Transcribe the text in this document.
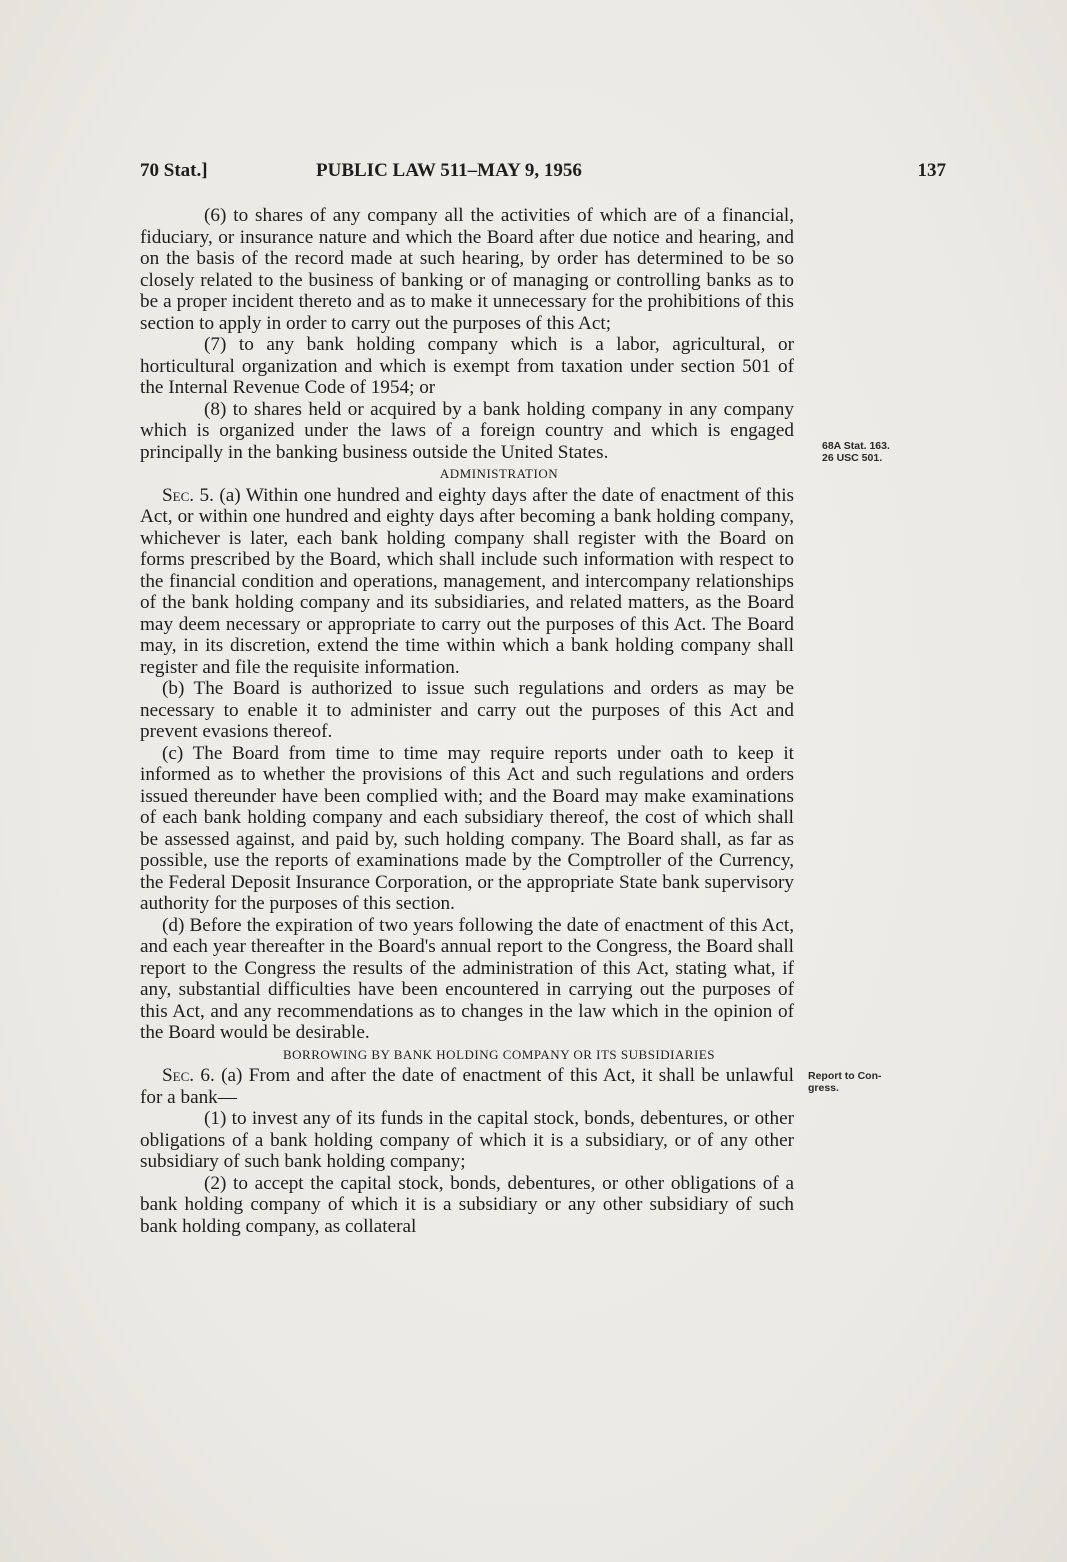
70 Stat.]	PUBLIC LAW 511–MAY 9, 1956	137

(6) to shares of any company all the activities of which are of a financial, fiduciary, or insurance nature and which the Board after due notice and hearing, and on the basis of the record made at such hearing, by order has determined to be so closely related to the business of banking or of managing or controlling banks as to be a proper incident thereto and as to make it unnecessary for the prohibitions of this section to apply in order to carry out the purposes of this Act;

(7) to any bank holding company which is a labor, agricultural, or horticultural organization and which is exempt from taxation under section 501 of the Internal Revenue Code of 1954; or

(8) to shares held or acquired by a bank holding company in any company which is organized under the laws of a foreign country and which is engaged principally in the banking business outside the United States.

ADMINISTRATION

Sec. 5. (a) Within one hundred and eighty days after the date of enactment of this Act, or within one hundred and eighty days after becoming a bank holding company, whichever is later, each bank holding company shall register with the Board on forms prescribed by the Board, which shall include such information with respect to the financial condition and operations, management, and intercompany relationships of the bank holding company and its subsidiaries, and related matters, as the Board may deem necessary or appropriate to carry out the purposes of this Act. The Board may, in its discretion, extend the time within which a bank holding company shall register and file the requisite information.

(b) The Board is authorized to issue such regulations and orders as may be necessary to enable it to administer and carry out the purposes of this Act and prevent evasions thereof.

(c) The Board from time to time may require reports under oath to keep it informed as to whether the provisions of this Act and such regulations and orders issued thereunder have been complied with; and the Board may make examinations of each bank holding company and each subsidiary thereof, the cost of which shall be assessed against, and paid by, such holding company. The Board shall, as far as possible, use the reports of examinations made by the Comptroller of the Currency, the Federal Deposit Insurance Corporation, or the appropriate State bank supervisory authority for the purposes of this section.

(d) Before the expiration of two years following the date of enactment of this Act, and each year thereafter in the Board's annual report to the Congress, the Board shall report to the Congress the results of the administration of this Act, stating what, if any, substantial difficulties have been encountered in carrying out the purposes of this Act, and any recommendations as to changes in the law which in the opinion of the Board would be desirable.

BORROWING BY BANK HOLDING COMPANY OR ITS SUBSIDIARIES

Sec. 6. (a) From and after the date of enactment of this Act, it shall be unlawful for a bank—

(1) to invest any of its funds in the capital stock, bonds, debentures, or other obligations of a bank holding company of which it is a subsidiary, or of any other subsidiary of such bank holding company;

(2) to accept the capital stock, bonds, debentures, or other obligations of a bank holding company of which it is a subsidiary or any other subsidiary of such bank holding company, as collateral

68A Stat. 163.
26 USC 501.
Report to Con-
gress.
